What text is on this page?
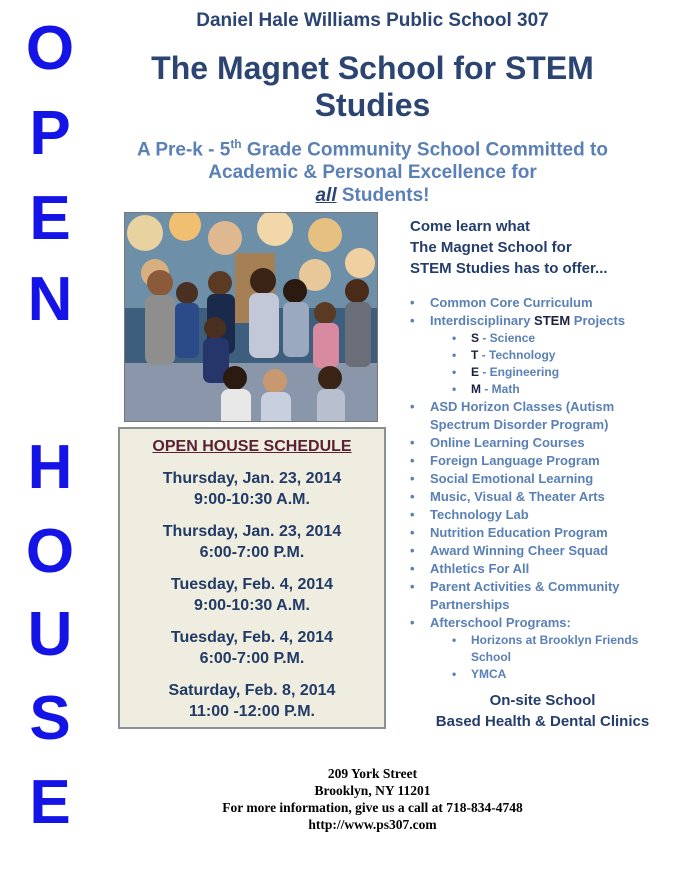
O
P
E
N
H
O
U
S
E
Daniel Hale Williams Public School 307
The Magnet School for STEM Studies
A Pre-k - 5th Grade Community School Committed to
Academic & Personal Excellence for
all Students!
OPEN HOUSE SCHEDULE
Thursday, Jan. 23, 2014
9:00-10:30 A.M.
Thursday, Jan. 23, 2014
6:00-7:00 P.M.
Tuesday, Feb. 4, 2014
9:00-10:30 A.M.
Tuesday, Feb. 4, 2014
6:00-7:00 P.M.
Saturday, Feb. 8, 2014
11:00 -12:00 P.M.
Come learn what
The Magnet School for
STEM Studies has to offer...
• Common Core Curriculum
• Interdisciplinary STEM Projects
• S - Science
• T - Technology
• E - Engineering
• M - Math
• ASD Horizon Classes (Autism
Spectrum Disorder Program)
• Online Learning Courses
• Foreign Language Program
• Social Emotional Learning
• Music, Visual & Theater Arts
• Technology Lab
• Nutrition Education Program
• Award Winning Cheer Squad
• Athletics For All
• Parent Activities & Community
Partnerships
• Afterschool Programs:
• Horizons at Brooklyn Friends
School
• YMCA
On-site School
Based Health & Dental Clinics
209 York Street
Brooklyn, NY 11201
For more information, give us a call at 718-834-4748
http://www.ps307.com
